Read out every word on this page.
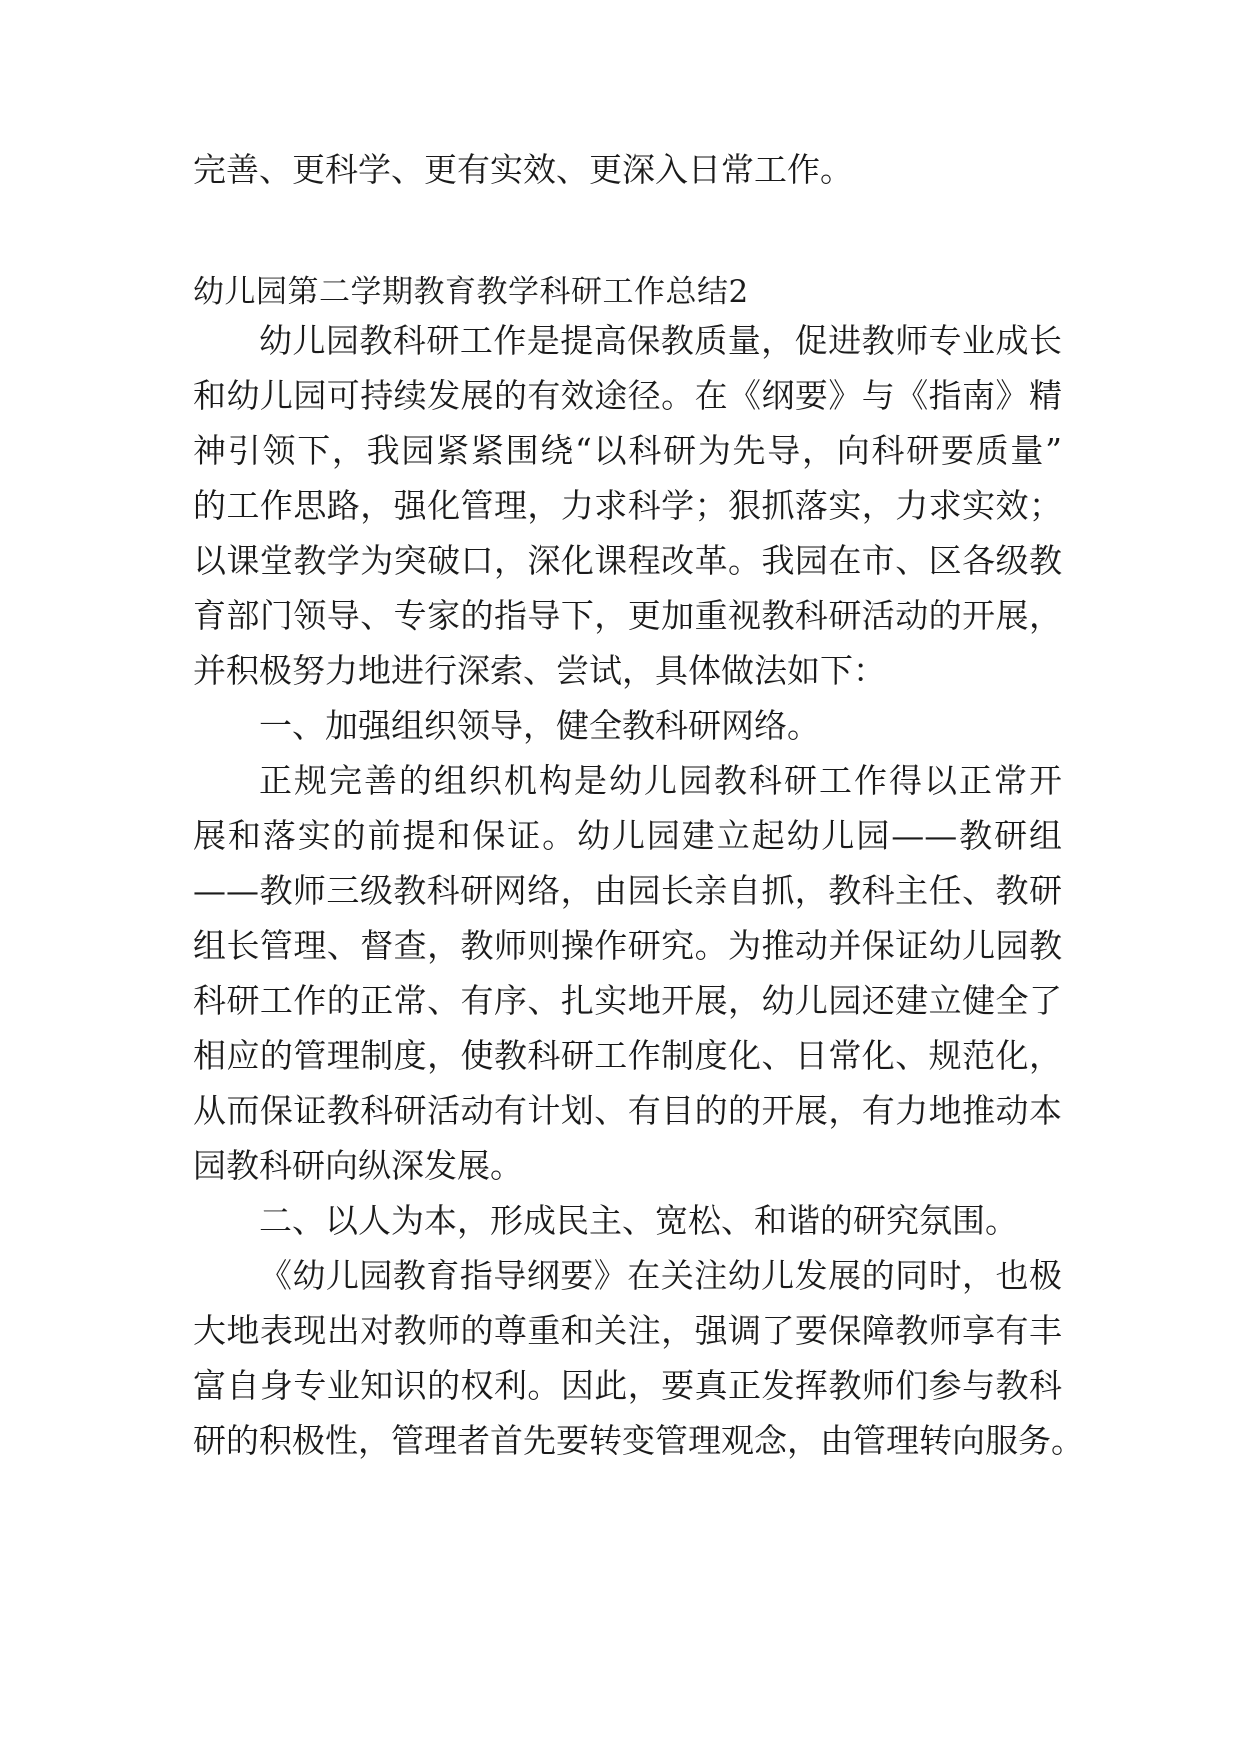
完善、更科学、更有实效、更深入日常工作。
幼儿园第二学期教育教学科研工作总结2
幼儿园教科研工作是提高保教质量，促进教师专业成长
和幼儿园可持续发展的有效途径。在《纲要》与《指南》精
神引领下，我园紧紧围绕“以科研为先导，向科研要质量”
的工作思路，强化管理，力求科学；狠抓落实，力求实效；
以课堂教学为突破口，深化课程改革。我园在市、区各级教
育部门领导、专家的指导下，更加重视教科研活动的开展，
并积极努力地进行深索、尝试，具体做法如下：
一、加强组织领导，健全教科研网络。
正规完善的组织机构是幼儿园教科研工作得以正常开
展和落实的前提和保证。幼儿园建立起幼儿园——教研组
——教师三级教科研网络，由园长亲自抓，教科主任、教研
组长管理、督查，教师则操作研究。为推动并保证幼儿园教
科研工作的正常、有序、扎实地开展，幼儿园还建立健全了
相应的管理制度，使教科研工作制度化、日常化、规范化，
从而保证教科研活动有计划、有目的的开展，有力地推动本
园教科研向纵深发展。
二、以人为本，形成民主、宽松、和谐的研究氛围。
《幼儿园教育指导纲要》在关注幼儿发展的同时，也极
大地表现出对教师的尊重和关注，强调了要保障教师享有丰
富自身专业知识的权利。因此，要真正发挥教师们参与教科
研的积极性，管理者首先要转变管理观念，由管理转向服务。
